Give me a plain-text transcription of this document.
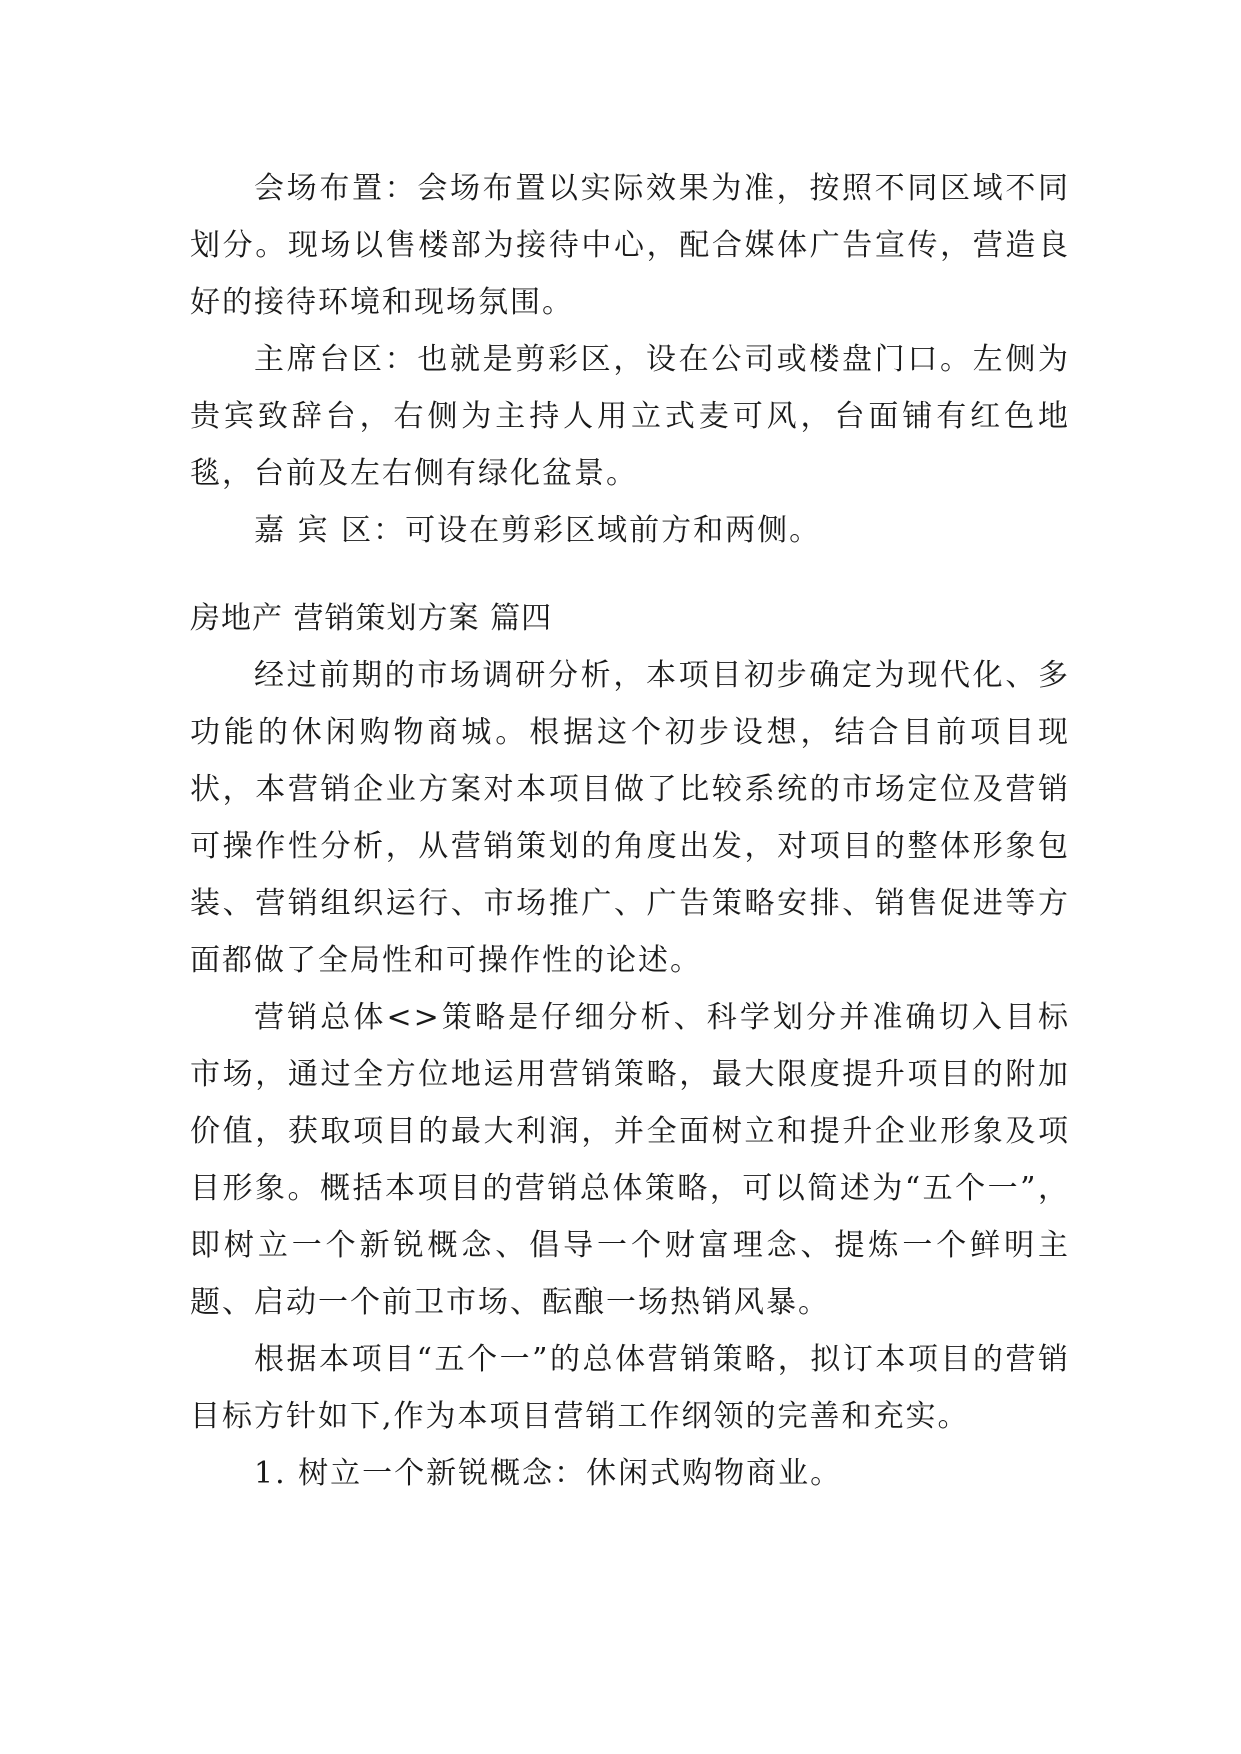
会场布置：会场布置以实际效果为准，按照不同区域不同划分。现场以售楼部为接待中心，配合媒体广告宣传，营造良好的接待环境和现场氛围。

主席台区：也就是剪彩区，设在公司或楼盘门口。左侧为贵宾致辞台，右侧为主持人用立式麦可风，台面铺有红色地毯，台前及左右侧有绿化盆景。

嘉 宾 区：可设在剪彩区域前方和两侧。

房地产 营销策划方案 篇四

经过前期的市场调研分析，本项目初步确定为现代化、多功能的休闲购物商城。根据这个初步设想，结合目前项目现状，本营销企业方案对本项目做了比较系统的市场定位及营销可操作性分析，从营销策划的角度出发，对项目的整体形象包装、营销组织运行、市场推广、广告策略安排、销售促进等方面都做了全局性和可操作性的论述。

营销总体<>策略是仔细分析、科学划分并准确切入目标市场，通过全方位地运用营销策略，最大限度提升项目的附加价值，获取项目的最大利润，并全面树立和提升企业形象及项目形象。概括本项目的营销总体策略，可以简述为“五个一”，即树立一个新锐概念、倡导一个财富理念、提炼一个鲜明主题、启动一个前卫市场、酝酿一场热销风暴。

根据本项目“五个一”的总体营销策略，拟订本项目的营销目标方针如下,作为本项目营销工作纲领的完善和充实。

1. 树立一个新锐概念：休闲式购物商业。
